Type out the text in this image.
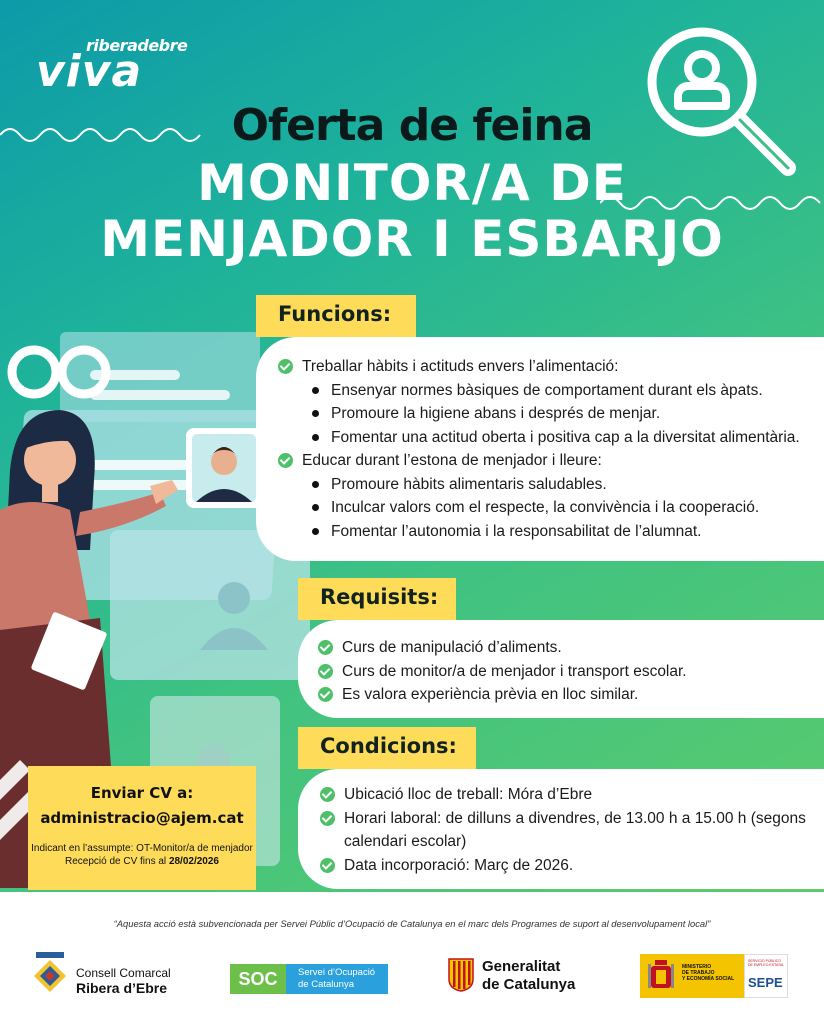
riberadebre
viva
Oferta de feina
MONITOR/A DE
MENJADOR I ESBARJO
Funcions:
Treballar hàbits i actituds envers l’alimentació:
Ensenyar normes bàsiques de comportament durant els àpats.
Promoure la higiene abans i després de menjar.
Fomentar una actitud oberta i positiva cap a la diversitat alimentària.
Educar durant l’estona de menjador i lleure:
Promoure hàbits alimentaris saludables.
Inculcar valors com el respecte, la convivència i la cooperació.
Fomentar l’autonomia i la responsabilitat de l’alumnat.
Requisits:
Curs de manipulació d’aliments.
Curs de monitor/a de menjador i transport escolar.
Es valora experiència prèvia en lloc similar.
Condicions:
Ubicació lloc de treball: Móra d’Ebre
Horari laboral: de dilluns a divendres, de 13.00 h a 15.00 h (segons
calendari escolar)
Data incorporació: Març de 2026.
Enviar CV a:
administracio@ajem.cat
Indicant en l’assumpte: OT-Monitor/a de menjador
Recepció de CV fins al 28/02/2026
“Aquesta acció està subvencionada per Servei Públic d’Ocupació de Catalunya en el marc dels Programes de suport al desenvolupament local”
Consell Comarcal
Ribera d’Ebre	SOC	Servei d’Ocupació
de Catalunya
Generalitat
de Catalunya
MINISTERIO
DE TRABAJO
Y ECONOMÍA SOCIAL
SERVICIO PÚBLICO
DE EMPLEO ESTATAL
SEPE
